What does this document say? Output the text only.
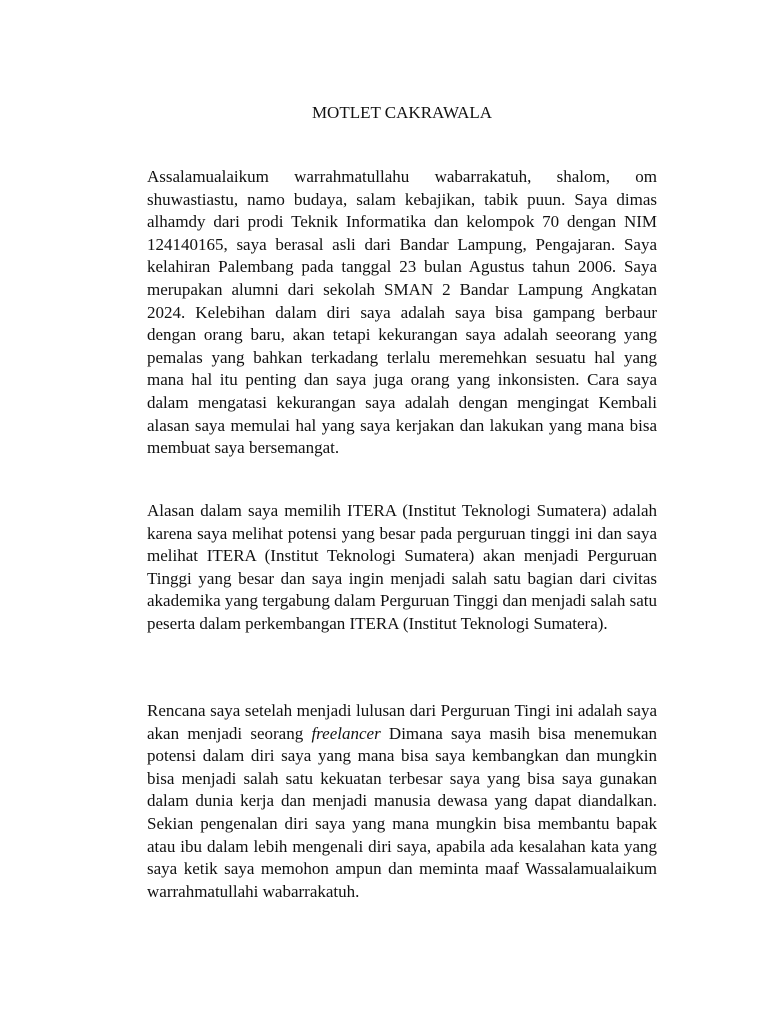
MOTLET CAKRAWALA

Assalamualaikum warrahmatullahu wabarrakatuh, shalom, om shuwastiastu, namo budaya, salam kebajikan, tabik puun. Saya dimas alhamdy dari prodi Teknik Informatika dan kelompok 70 dengan NIM 124140165, saya berasal asli dari Bandar Lampung, Pengajaran. Saya kelahiran Palembang pada tanggal 23 bulan Agustus tahun 2006. Saya merupakan alumni dari sekolah SMAN 2 Bandar Lampung Angkatan 2024. Kelebihan dalam diri saya adalah saya bisa gampang berbaur dengan orang baru, akan tetapi kekurangan saya adalah seeorang yang pemalas yang bahkan terkadang terlalu meremehkan sesuatu hal yang mana hal itu penting dan saya juga orang yang inkonsisten. Cara saya dalam mengatasi kekurangan saya adalah dengan mengingat Kembali alasan saya memulai hal yang saya kerjakan dan lakukan yang mana bisa membuat saya bersemangat.

Alasan dalam saya memilih ITERA (Institut Teknologi Sumatera) adalah karena saya melihat potensi yang besar pada perguruan tinggi ini dan saya melihat ITERA (Institut Teknologi Sumatera) akan menjadi Perguruan Tinggi yang besar dan saya ingin menjadi salah satu bagian dari civitas akademika yang tergabung dalam Perguruan Tinggi dan menjadi salah satu peserta dalam perkembangan ITERA (Institut Teknologi Sumatera).

Rencana saya setelah menjadi lulusan dari Perguruan Tingi ini adalah saya akan menjadi seorang freelancer Dimana saya masih bisa menemukan potensi dalam diri saya yang mana bisa saya kembangkan dan mungkin bisa menjadi salah satu kekuatan terbesar saya yang bisa saya gunakan dalam dunia kerja dan menjadi manusia dewasa yang dapat diandalkan. Sekian pengenalan diri saya yang mana mungkin bisa membantu bapak atau ibu dalam lebih mengenali diri saya, apabila ada kesalahan kata yang saya ketik saya memohon ampun dan meminta maaf Wassalamualaikum warrahmatullahi wabarrakatuh.
